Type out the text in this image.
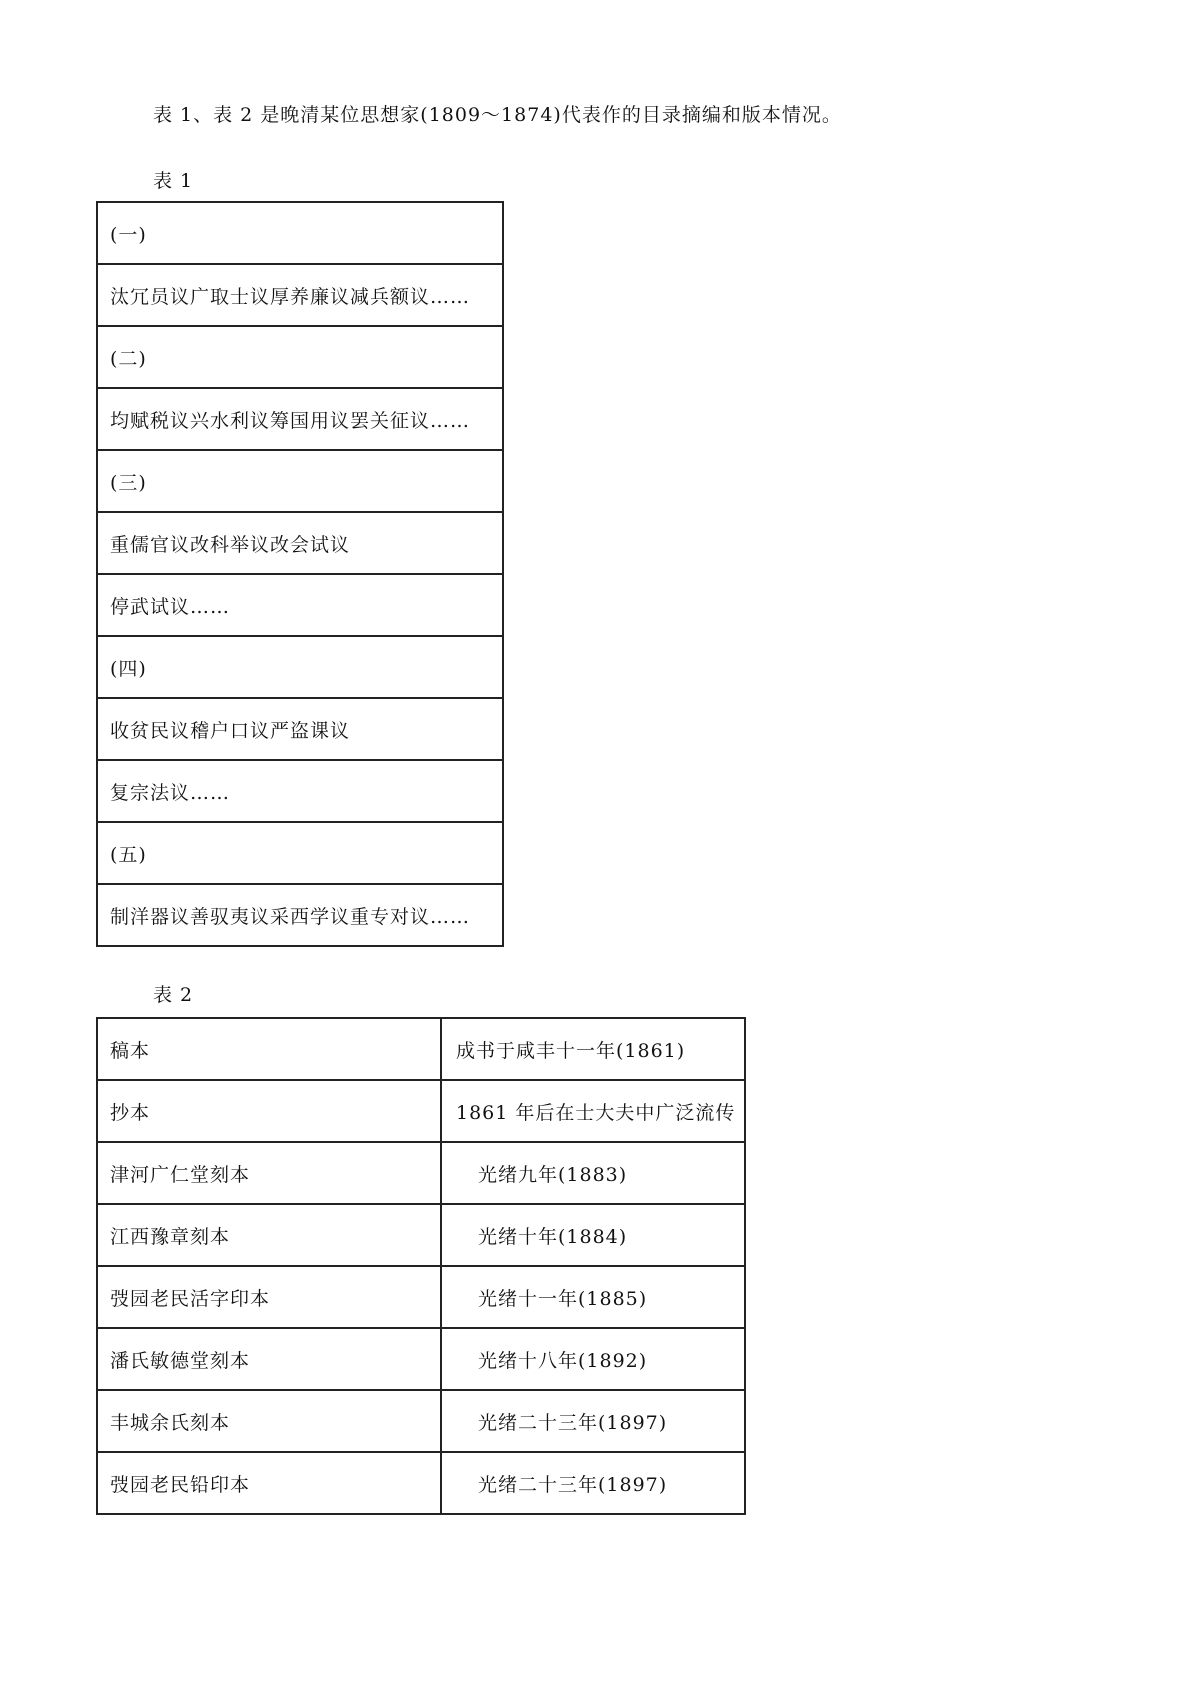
表 1、表 2 是晚清某位思想家(1809～1874)代表作的目录摘编和版本情况。
表 1
(一)
汰冗员议广取士议厚养廉议减兵额议……
(二)
均赋税议兴水利议筹国用议罢关征议……
(三)
重儒官议改科举议改会试议
停武试议……
(四)
收贫民议稽户口议严盗课议
复宗法议……
(五)
制洋器议善驭夷议采西学议重专对议……
表 2
稿本	成书于咸丰十一年(1861)
抄本	1861 年后在士大夫中广泛流传
津河广仁堂刻本	光绪九年(1883)
江西豫章刻本	光绪十年(1884)
弢园老民活字印本	光绪十一年(1885)
潘氏敏德堂刻本	光绪十八年(1892)
丰城余氏刻本	光绪二十三年(1897)
弢园老民铅印本	光绪二十三年(1897)
